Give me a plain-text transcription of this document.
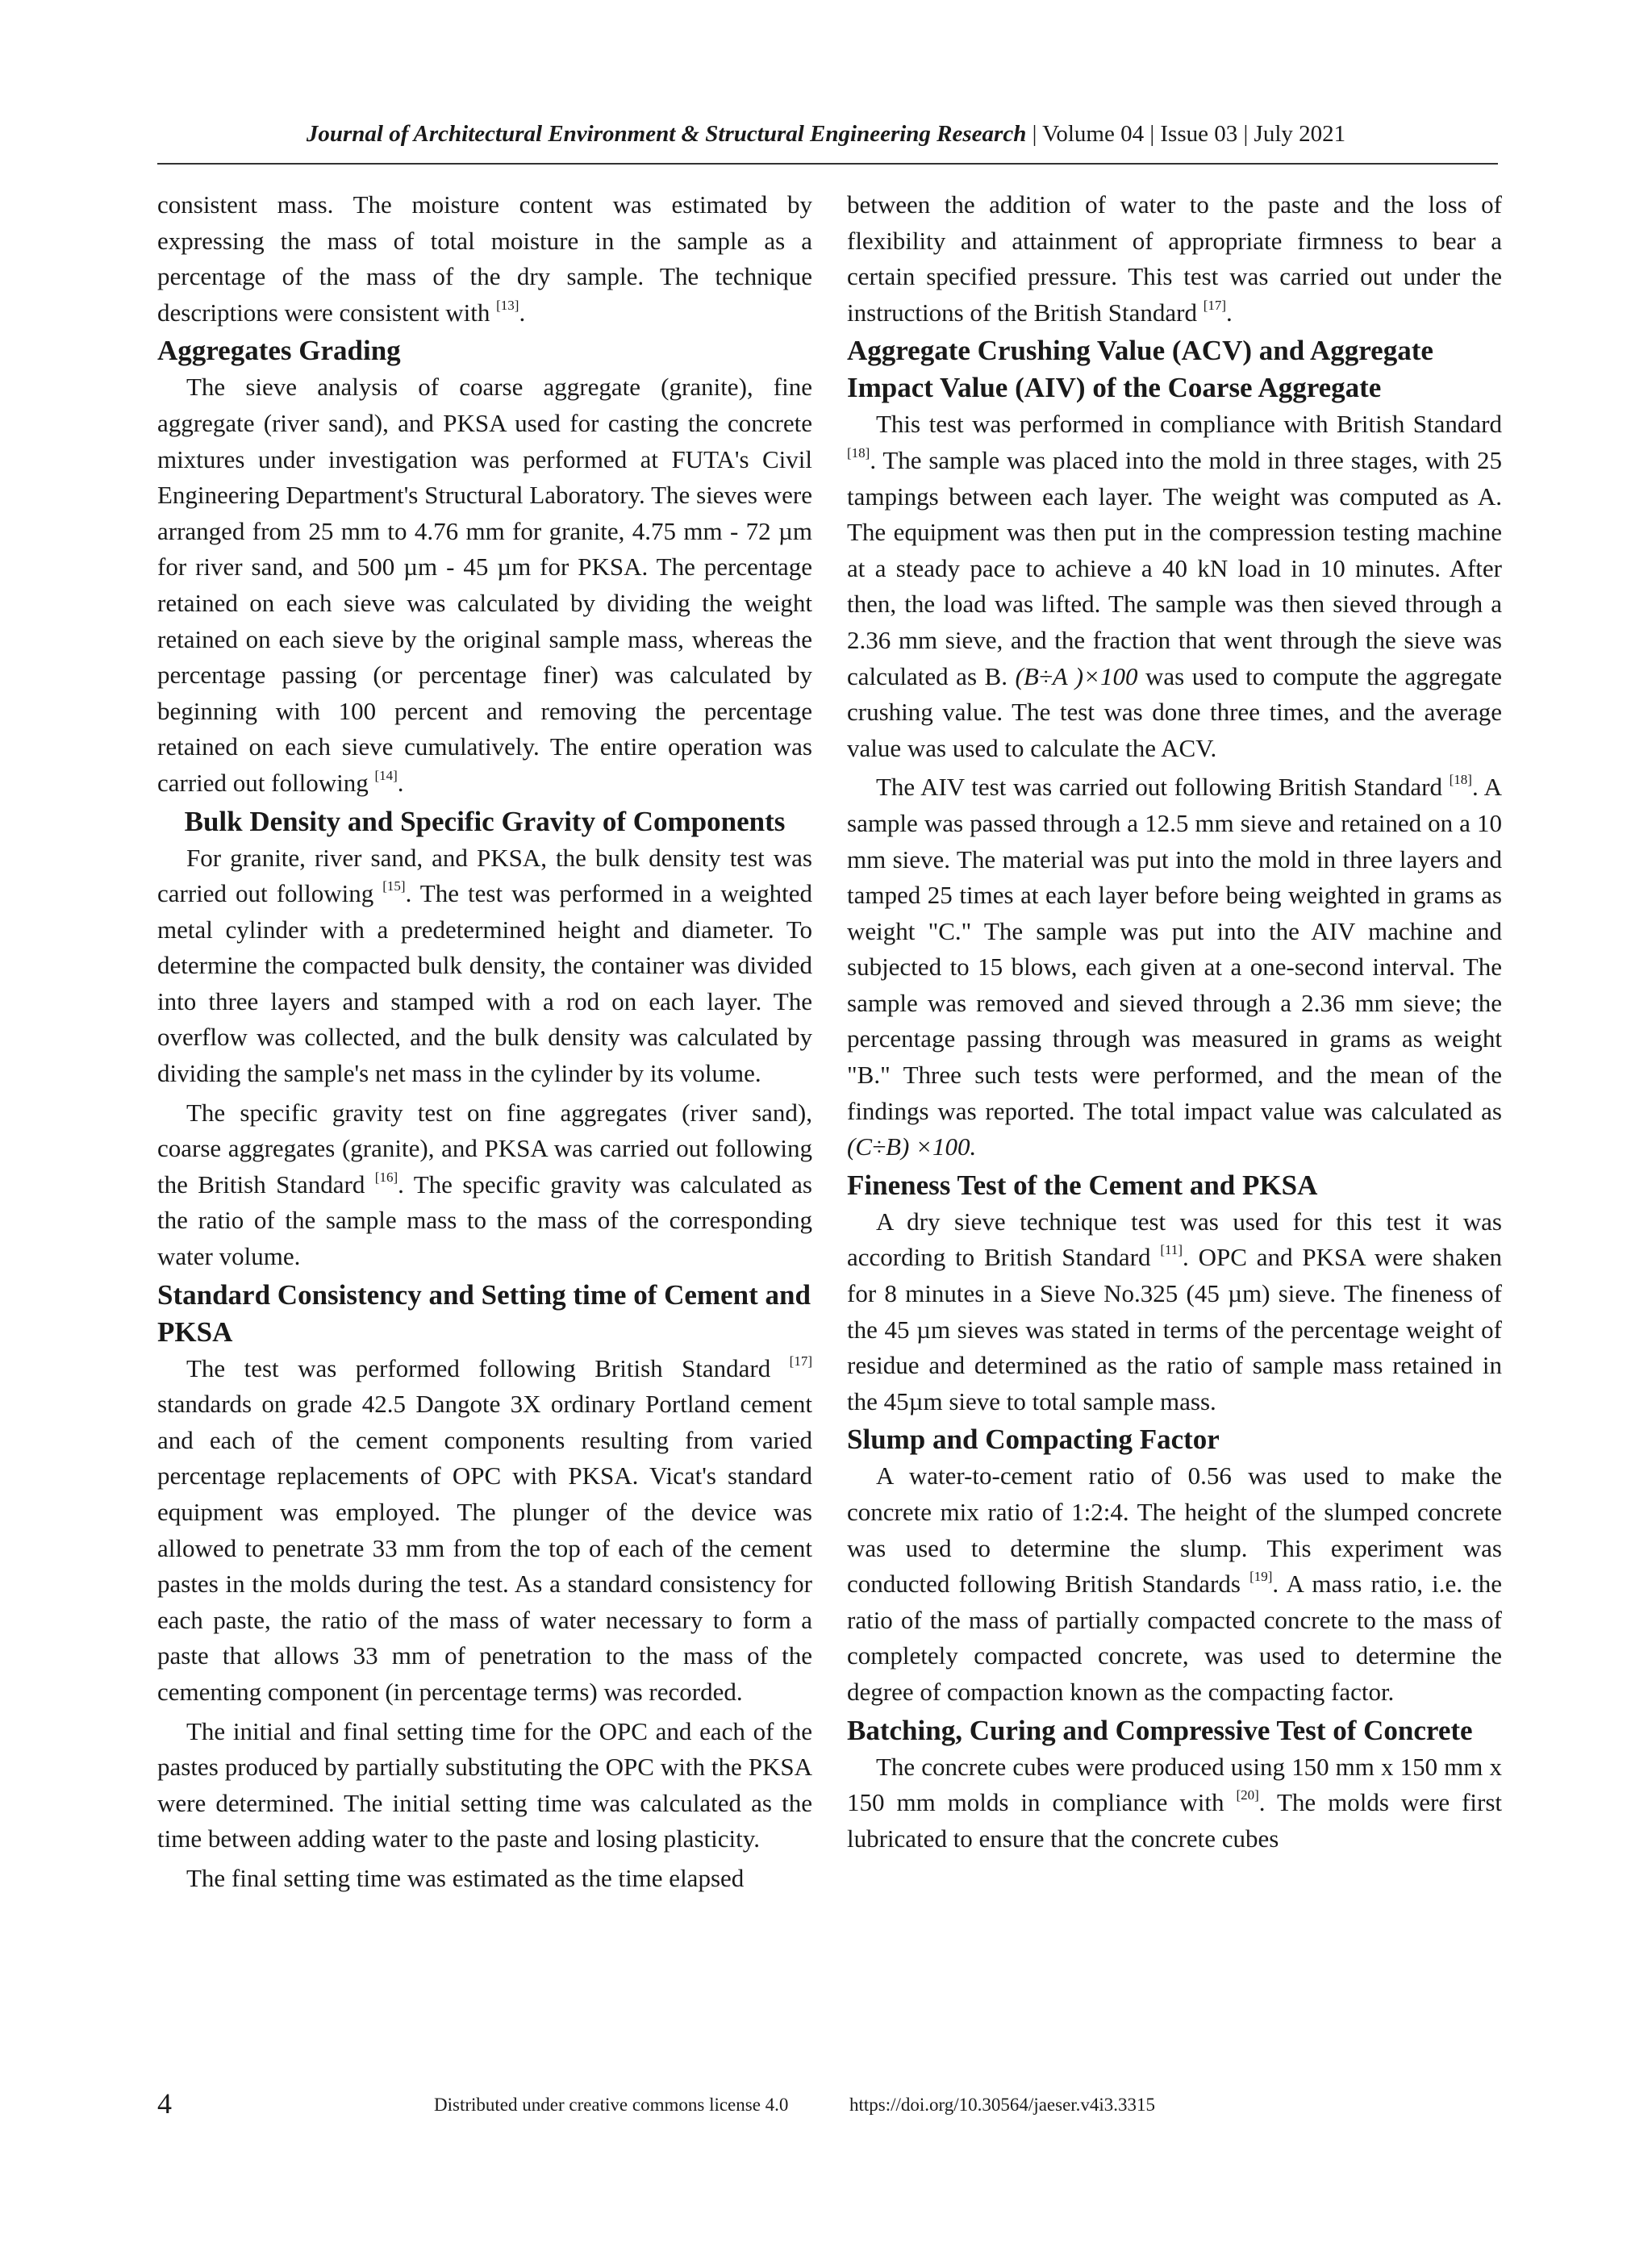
Journal of Architectural Environment & Structural Engineering Research | Volume 04 | Issue 03 | July 2021

consistent mass. The moisture content was estimated by expressing the mass of total moisture in the sample as a percentage of the mass of the dry sample. The technique descriptions were consistent with [13].

Aggregates Grading

The sieve analysis of coarse aggregate (granite), fine aggregate (river sand), and PKSA used for casting the concrete mixtures under investigation was performed at FUTA's Civil Engineering Department's Structural Laboratory. The sieves were arranged from 25 mm to 4.76 mm for granite, 4.75 mm - 72 µm for river sand, and 500 µm - 45 µm for PKSA. The percentage retained on each sieve was calculated by dividing the weight retained on each sieve by the original sample mass, whereas the percentage passing (or percentage finer) was calculated by beginning with 100 percent and removing the percentage retained on each sieve cumulatively. The entire operation was carried out following [14].

Bulk Density and Specific Gravity of Components

For granite, river sand, and PKSA, the bulk density test was carried out following [15]. The test was performed in a weighted metal cylinder with a predetermined height and diameter. To determine the compacted bulk density, the container was divided into three layers and stamped with a rod on each layer. The overflow was collected, and the bulk density was calculated by dividing the sample's net mass in the cylinder by its volume.

The specific gravity test on fine aggregates (river sand), coarse aggregates (granite), and PKSA was carried out following the British Standard [16]. The specific gravity was calculated as the ratio of the sample mass to the mass of the corresponding water volume.

Standard Consistency and Setting time of Cement and PKSA

The test was performed following British Standard [17] standards on grade 42.5 Dangote 3X ordinary Portland cement and each of the cement components resulting from varied percentage replacements of OPC with PKSA. Vicat's standard equipment was employed. The plunger of the device was allowed to penetrate 33 mm from the top of each of the cement pastes in the molds during the test. As a standard consistency for each paste, the ratio of the mass of water necessary to form a paste that allows 33 mm of penetration to the mass of the cementing component (in percentage terms) was recorded.

The initial and final setting time for the OPC and each of the pastes produced by partially substituting the OPC with the PKSA were determined. The initial setting time was calculated as the time between adding water to the paste and losing plasticity.

The final setting time was estimated as the time elapsed

between the addition of water to the paste and the loss of flexibility and attainment of appropriate firmness to bear a certain specified pressure. This test was carried out under the instructions of the British Standard [17].

Aggregate Crushing Value (ACV) and Aggregate Impact Value (AIV) of the Coarse Aggregate

This test was performed in compliance with British Standard [18]. The sample was placed into the mold in three stages, with 25 tampings between each layer. The weight was computed as A. The equipment was then put in the compression testing machine at a steady pace to achieve a 40 kN load in 10 minutes. After then, the load was lifted. The sample was then sieved through a 2.36 mm sieve, and the fraction that went through the sieve was calculated as B. (B÷A )×100 was used to compute the aggregate crushing value. The test was done three times, and the average value was used to calculate the ACV.

The AIV test was carried out following British Standard [18]. A sample was passed through a 12.5 mm sieve and retained on a 10 mm sieve. The material was put into the mold in three layers and tamped 25 times at each layer before being weighted in grams as weight "C." The sample was put into the AIV machine and subjected to 15 blows, each given at a one-second interval. The sample was removed and sieved through a 2.36 mm sieve; the percentage passing through was measured in grams as weight "B." Three such tests were performed, and the mean of the findings was reported. The total impact value was calculated as (C÷B) ×100.

Fineness Test of the Cement and PKSA

A dry sieve technique test was used for this test it was according to British Standard [11]. OPC and PKSA were shaken for 8 minutes in a Sieve No.325 (45 µm) sieve. The fineness of the 45 µm sieves was stated in terms of the percentage weight of residue and determined as the ratio of sample mass retained in the 45µm sieve to total sample mass.

Slump and Compacting Factor

A water-to-cement ratio of 0.56 was used to make the concrete mix ratio of 1:2:4. The height of the slumped concrete was used to determine the slump. This experiment was conducted following British Standards [19]. A mass ratio, i.e. the ratio of the mass of partially compacted concrete to the mass of completely compacted concrete, was used to determine the degree of compaction known as the compacting factor.

Batching, Curing and Compressive Test of Concrete

The concrete cubes were produced using 150 mm x 150 mm x 150 mm molds in compliance with [20]. The molds were first lubricated to ensure that the concrete cubes

4	Distributed under creative commons license 4.0	https://doi.org/10.30564/jaeser.v4i3.3315
